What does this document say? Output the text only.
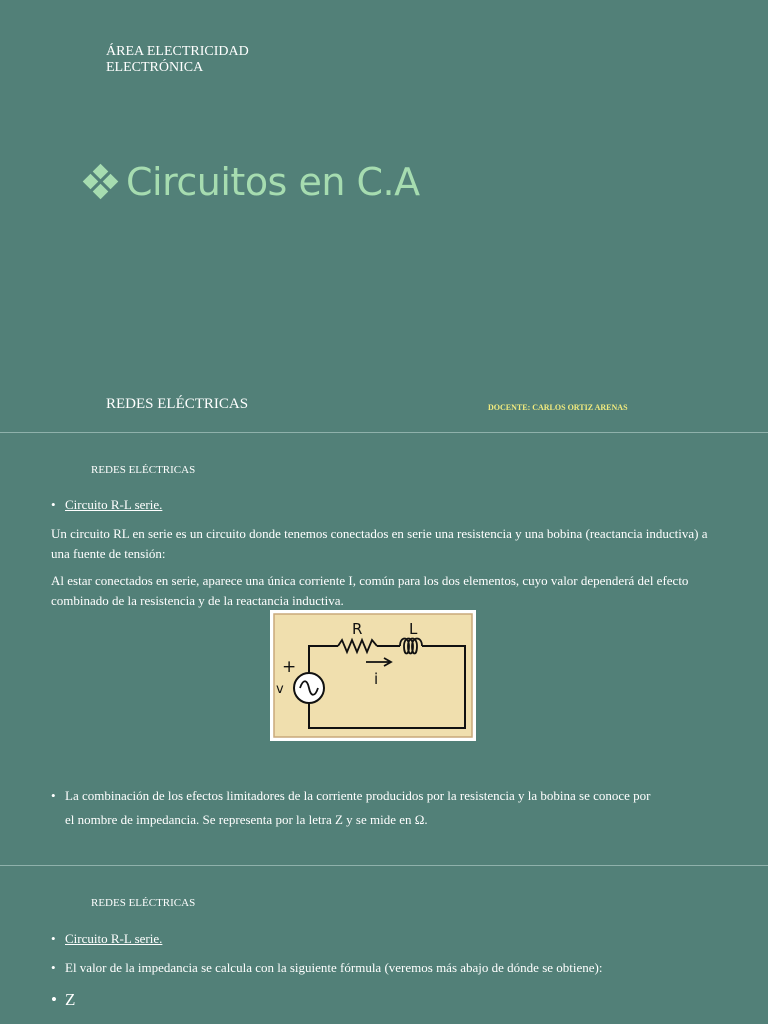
ÁREA ELECTRICIDAD
ELECTRÓNICA
Circuitos en C.A
REDES ELÉCTRICAS	DOCENTE: CARLOS ORTIZ ARENAS
REDES ELÉCTRICAS
• Circuito R-L serie.
Un circuito RL en serie es un circuito donde tenemos conectados en serie una resistencia y una bobina (reactancia inductiva) a una fuente de tensión:
Al estar conectados en serie, aparece una única corriente I, común para los dos elementos, cuyo valor dependerá del efecto combinado de la resistencia y de la reactancia inductiva.
R	L
i
v
+
• La combinación de los efectos limitadores de la corriente producidos por la resistencia y la bobina se conoce por
el nombre de impedancia. Se representa por la letra Z y se mide en Ω.
REDES ELÉCTRICAS
• Circuito R-L serie.
• El valor de la impedancia se calcula con la siguiente fórmula (veremos más abajo de dónde se obtiene):
• Z
